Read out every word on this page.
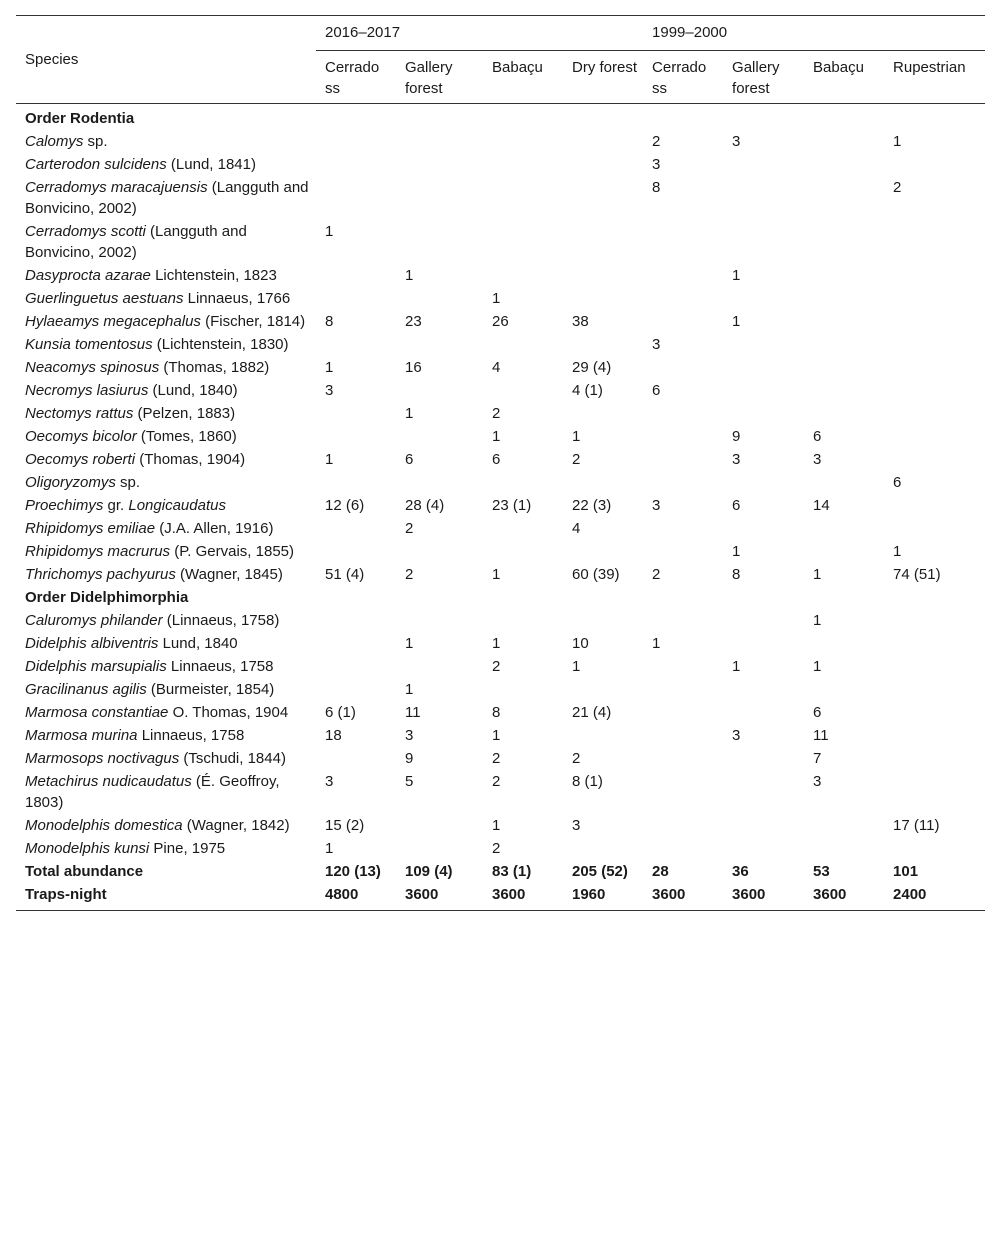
Species	2016–2017				1999–2000			
	Cerrado ss	Gallery forest	Babaçu	Dry forest	Cerrado ss	Gallery forest	Babaçu	Rupestrian
Order Rodentia								
Calomys sp.					2	3		1
Carterodon sulcidens (Lund, 1841)					3			
Cerradomys maracajuensis (Langguth and Bonvicino, 2002)					8			2
Cerradomys scotti (Langguth and Bonvicino, 2002)	1							
Dasyprocta azarae Lichtenstein, 1823		1				1		
Guerlinguetus aestuans Linnaeus, 1766			1					
Hylaeamys megacephalus (Fischer, 1814)	8	23	26	38		1		
Kunsia tomentosus (Lichtenstein, 1830)					3			
Neacomys spinosus (Thomas, 1882)	1	16	4	29 (4)				
Necromys lasiurus (Lund, 1840)	3			4 (1)	6			
Nectomys rattus (Pelzen, 1883)		1	2					
Oecomys bicolor (Tomes, 1860)			1	1		9	6	
Oecomys roberti (Thomas, 1904)	1	6	6	2		3	3	
Oligoryzomys sp.								6
Proechimys gr. Longicaudatus	12 (6)	28 (4)	23 (1)	22 (3)	3	6	14	
Rhipidomys emiliae (J.A. Allen, 1916)		2		4				
Rhipidomys macrurus (P. Gervais, 1855)						1		1
Thrichomys pachyurus (Wagner, 1845)	51 (4)	2	1	60 (39)	2	8	1	74 (51)
Order Didelphimorphia								
Caluromys philander (Linnaeus, 1758)							1	
Didelphis albiventris Lund, 1840		1	1	10	1			
Didelphis marsupialis Linnaeus, 1758			2	1		1	1	
Gracilinanus agilis (Burmeister, 1854)		1						
Marmosa constantiae O. Thomas, 1904	6 (1)	11	8	21 (4)			6	
Marmosa murina Linnaeus, 1758	18	3	1			3	11	
Marmosops noctivagus (Tschudi, 1844)		9	2	2			7	
Metachirus nudicaudatus (É. Geoffroy, 1803)	3	5	2	8 (1)			3	
Monodelphis domestica (Wagner, 1842)	15 (2)		1	3				17 (11)
Monodelphis kunsi Pine, 1975	1		2					
Total abundance	120 (13)	109 (4)	83 (1)	205 (52)	28	36	53	101
Traps-night	4800	3600	3600	1960	3600	3600	3600	2400
